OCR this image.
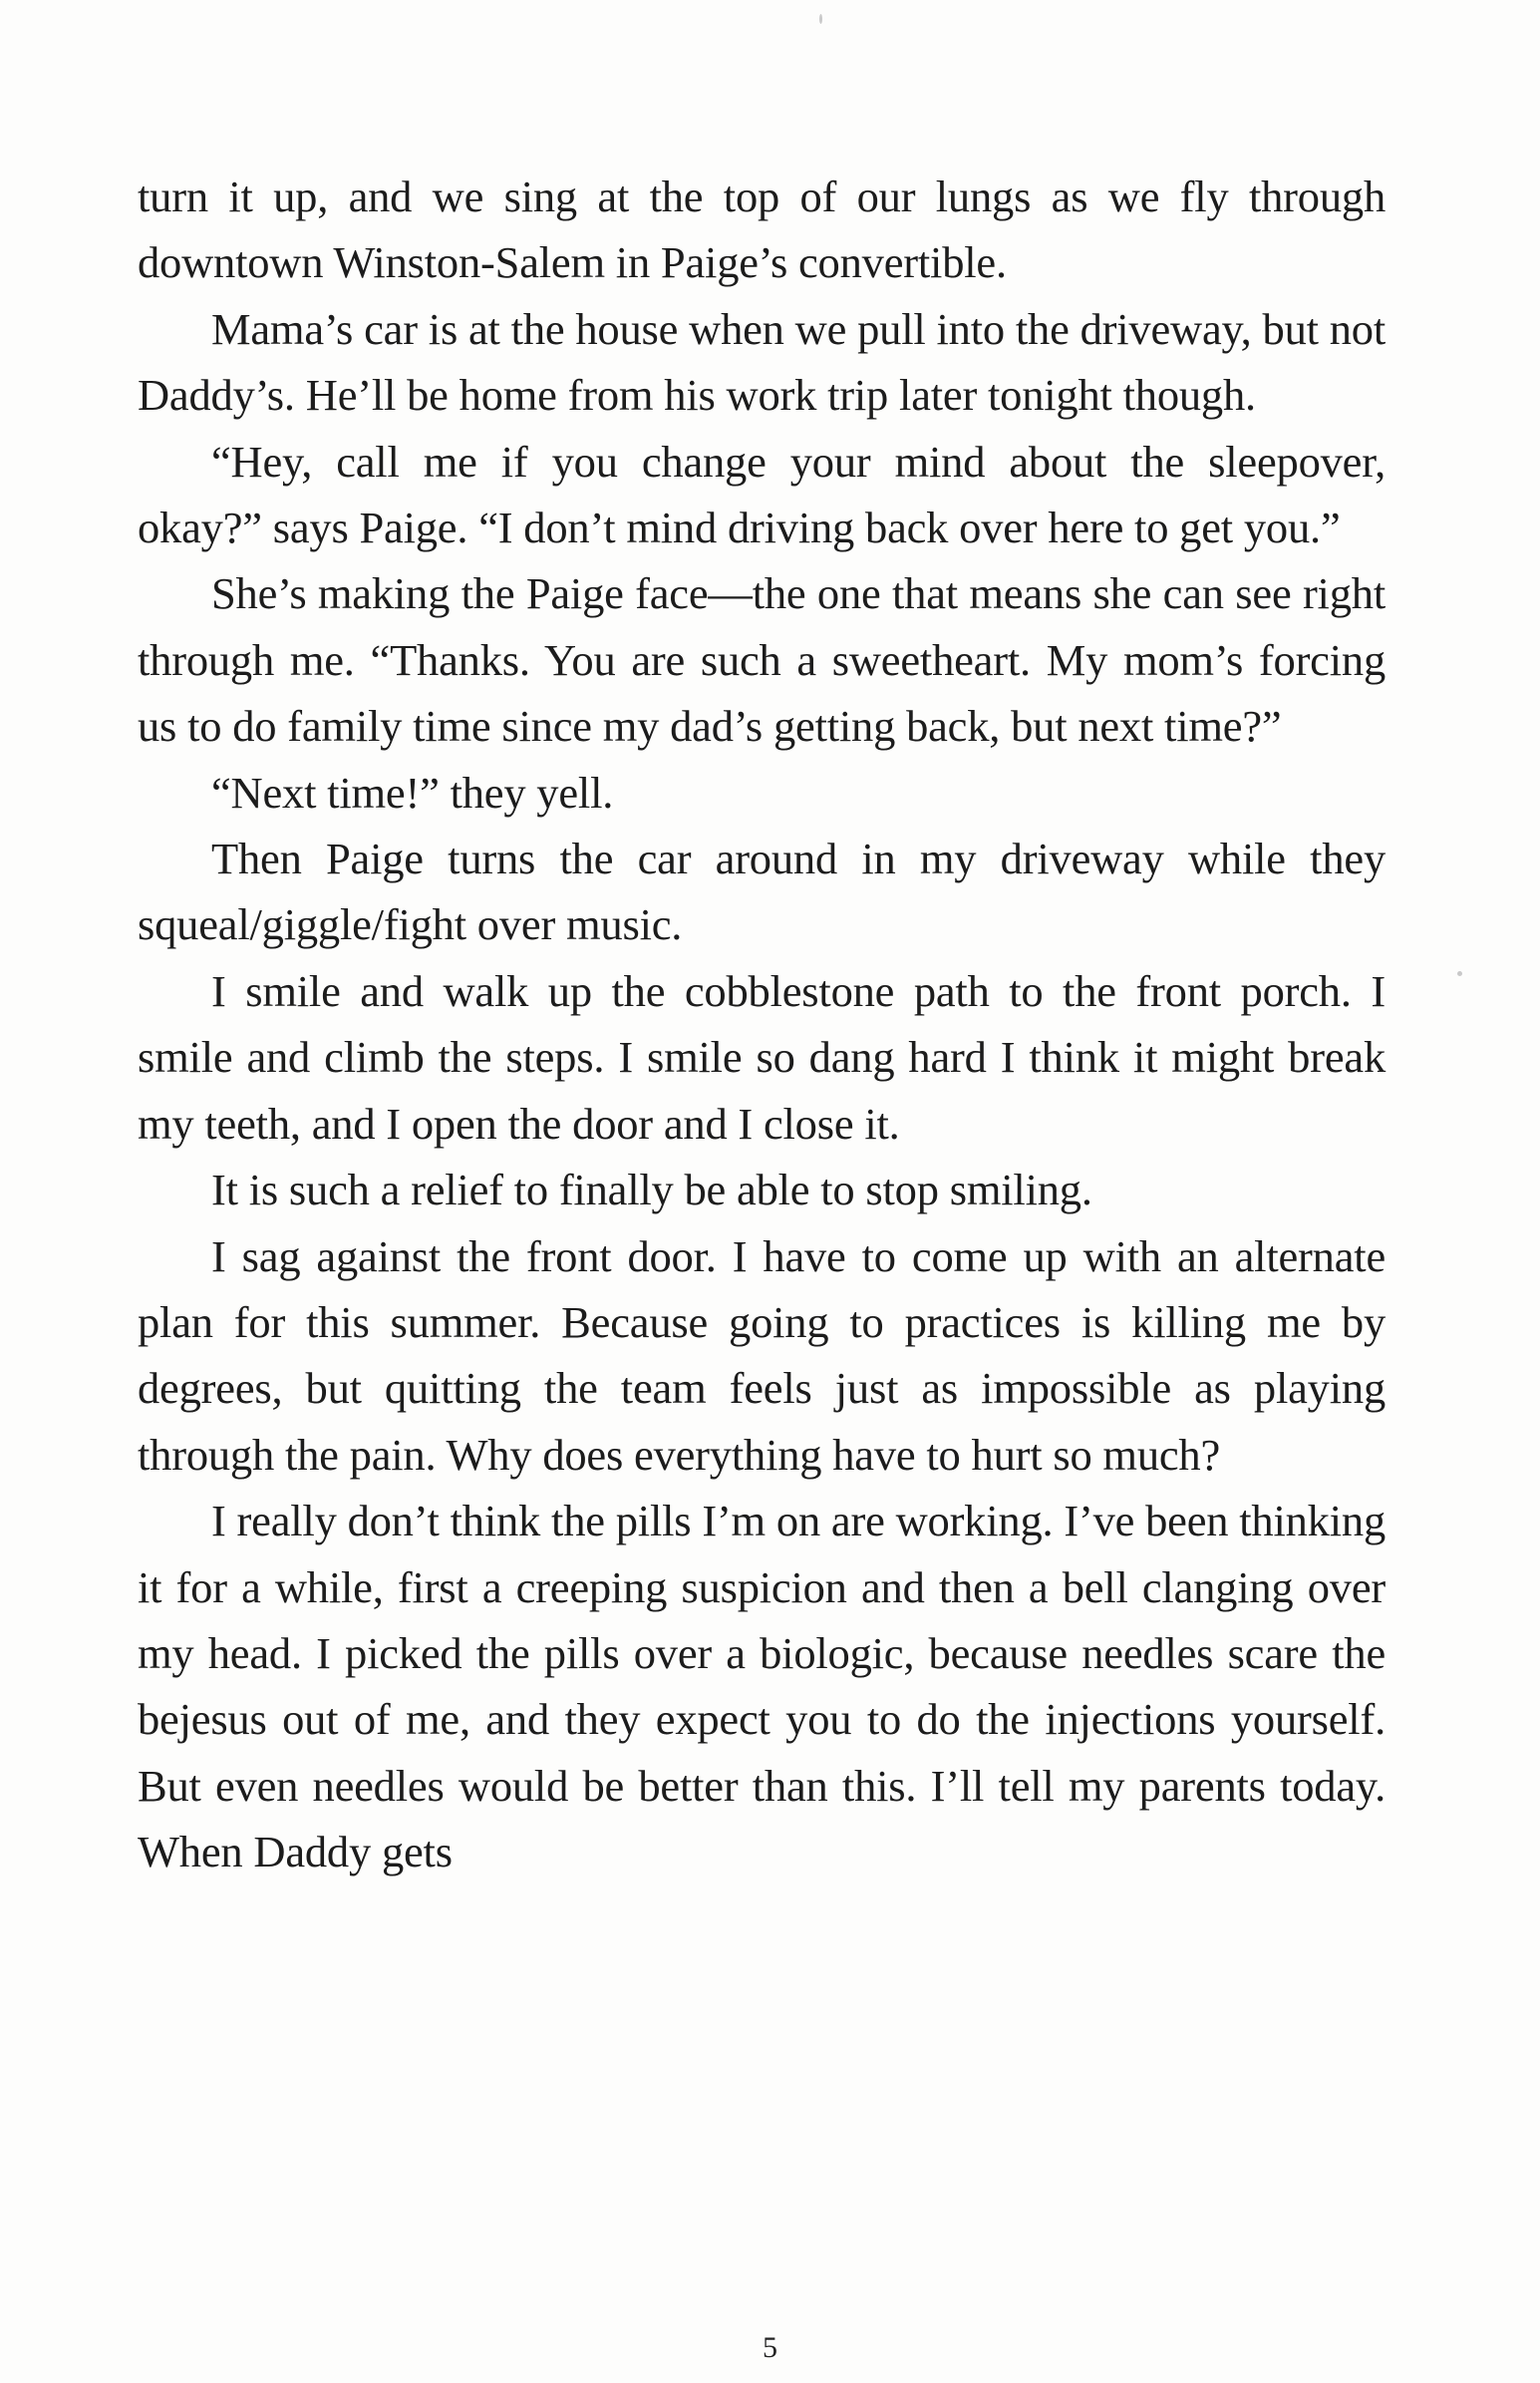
turn it up, and we sing at the top of our lungs as we fly through downtown Winston-Salem in Paige’s convertible.

Mama’s car is at the house when we pull into the driveway, but not Daddy’s. He’ll be home from his work trip later tonight though.

“Hey, call me if you change your mind about the sleepover, okay?” says Paige. “I don’t mind driving back over here to get you.”

She’s making the Paige face—the one that means she can see right through me. “Thanks. You are such a sweetheart. My mom’s forcing us to do family time since my dad’s getting back, but next time?”

“Next time!” they yell.

Then Paige turns the car around in my driveway while they squeal/giggle/fight over music.

I smile and walk up the cobblestone path to the front porch. I smile and climb the steps. I smile so dang hard I think it might break my teeth, and I open the door and I close it.

It is such a relief to finally be able to stop smiling.

I sag against the front door. I have to come up with an alternate plan for this summer. Because going to practices is killing me by degrees, but quitting the team feels just as impossible as playing through the pain. Why does everything have to hurt so much?

I really don’t think the pills I’m on are working. I’ve been thinking it for a while, first a creeping suspicion and then a bell clanging over my head. I picked the pills over a biologic, because needles scare the bejesus out of me, and they expect you to do the injections yourself. But even needles would be better than this. I’ll tell my parents today. When Daddy gets

5
